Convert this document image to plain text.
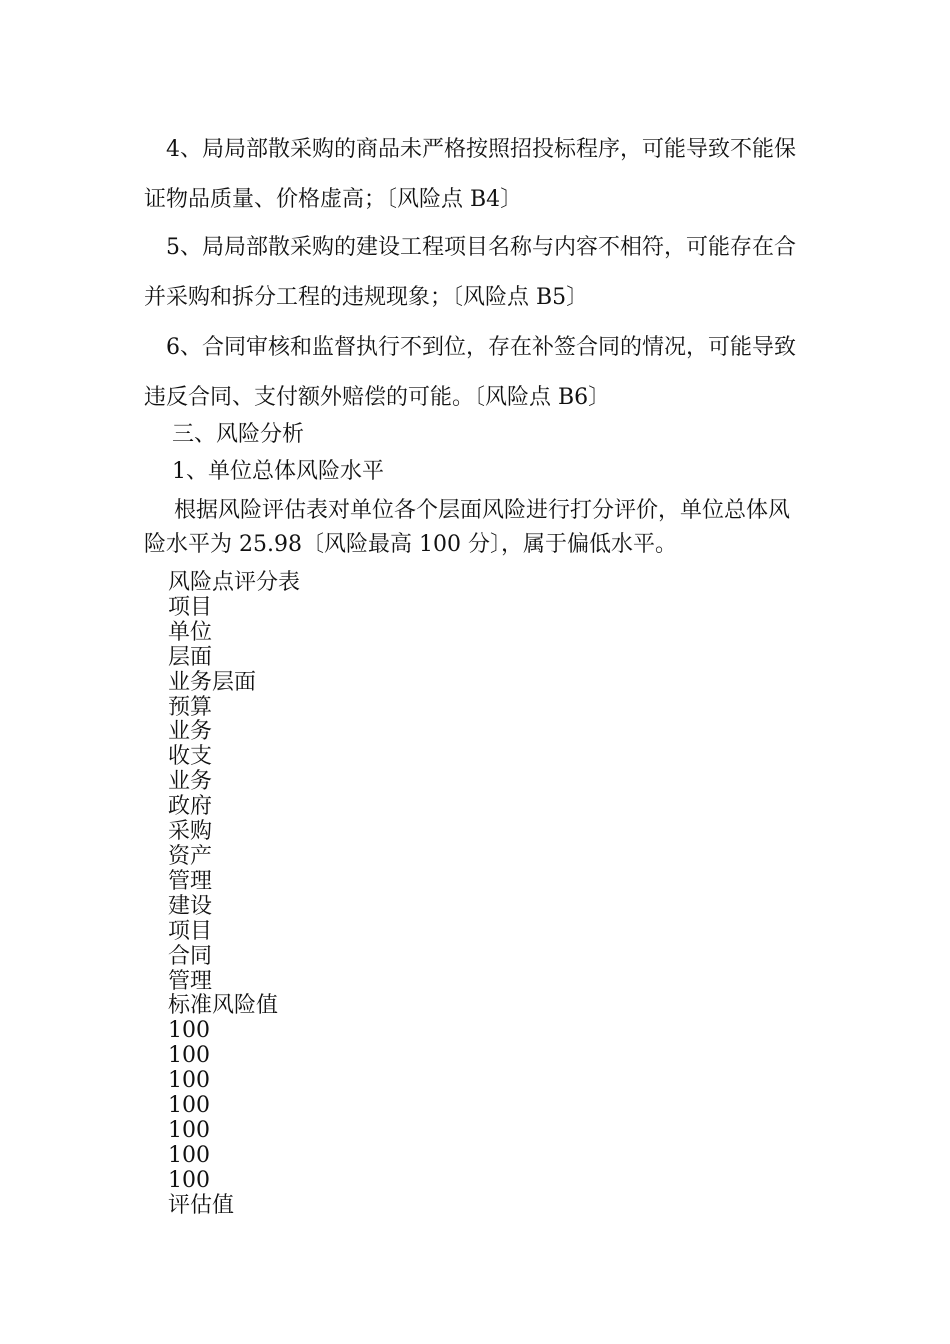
4、局局部散采购的商品未严格按照招投标程序，可能导致不能保证物品质量、价格虚高；〔风险点 B4〕

5、局局部散采购的建设工程项目名称与内容不相符，可能存在合并采购和拆分工程的违规现象；〔风险点 B5〕

6、合同审核和监督执行不到位，存在补签合同的情况，可能导致违反合同、支付额外赔偿的可能。〔风险点 B6〕

三、风险分析

1、单位总体风险水平

根据风险评估表对单位各个层面风险进行打分评价，单位总体风险水平为 25.98〔风险最高 100 分〕，属于偏低水平。

风险点评分表
项目
单位
层面
业务层面
预算
业务
收支
业务
政府
采购
资产
管理
建设
项目
合同
管理
标准风险值
100
100
100
100
100
100
100
评估值
